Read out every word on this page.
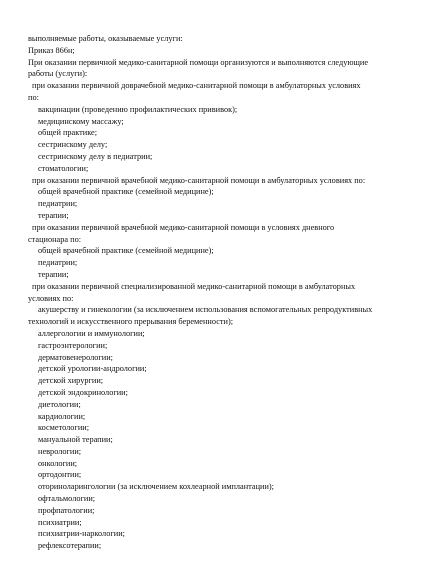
выполняемые работы, оказываемые услуги:
Приказ 866н;
При оказании первичной медико-санитарной помощи организуются и выполняются следующие
работы (услуги):
при оказании первичной доврачебной медико-санитарной помощи в амбулаторных условиях
по:
вакцинации (проведению профилактических прививок);
медицинскому массажу;
общей практике;
сестринскому делу;
сестринскому делу в педиатрии;
стоматологии;
при оказании первичной врачебной медико-санитарной помощи в амбулаторных условиях по:
общей врачебной практике (семейной медицине);
педиатрии;
терапии;
при оказании первичной врачебной медико-санитарной помощи в условиях дневного
стационара по:
общей врачебной практике (семейной медицине);
педиатрии;
терапии;
при оказании первичной специализированной медико-санитарной помощи в амбулаторных
условиях по:
акушерству и гинекологии (за исключением использования вспомогательных репродуктивных
технологий и искусственного прерывания беременности);
аллергологии и иммунологии;
гастроэнтерологии;
дерматовенерологии;
детской урологии-андрологии;
детской хирургии;
детской эндокринологии;
диетологии;
кардиологии;
косметологии;
мануальной терапии;
неврологии;
онкологии;
ортодонтии;
оториноларингологии (за исключением кохлеарной имплантации);
офтальмологии;
профпатологии;
психиатрии;
психиатрии-наркологии;
рефлексотерапии;
